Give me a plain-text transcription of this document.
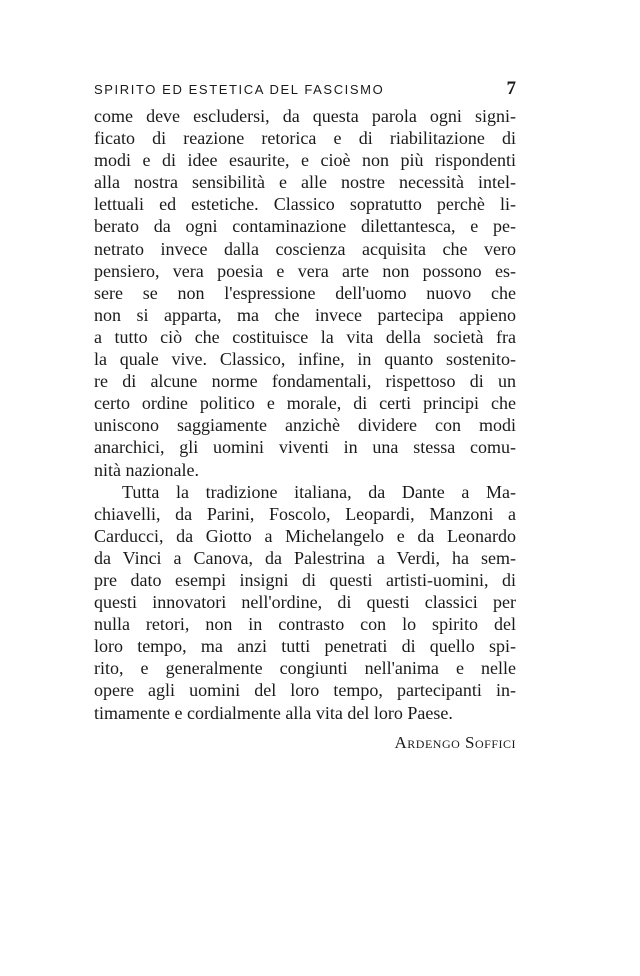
SPIRITO ED ESTETICA DEL FASCISMO	7
come deve escludersi, da questa parola ogni signi-
ficato di reazione retorica e di riabilitazione di
modi e di idee esaurite, e cioè non più rispondenti
alla nostra sensibilità e alle nostre necessità intel-
lettuali ed estetiche. Classico sopratutto perchè li-
berato da ogni contaminazione dilettantesca, e pe-
netrato invece dalla coscienza acquisita che vero
pensiero, vera poesia e vera arte non possono es-
sere se non l'espressione dell'uomo nuovo che
non si apparta, ma che invece partecipa appieno
a tutto ciò che costituisce la vita della società fra
la quale vive. Classico, infine, in quanto sostenito-
re di alcune norme fondamentali, rispettoso di un
certo ordine politico e morale, di certi principi che
uniscono saggiamente anzichè dividere con modi
anarchici, gli uomini viventi in una stessa comu-
nità nazionale.
Tutta la tradizione italiana, da Dante a Ma-
chiavelli, da Parini, Foscolo, Leopardi, Manzoni a
Carducci, da Giotto a Michelangelo e da Leonardo
da Vinci a Canova, da Palestrina a Verdi, ha sem-
pre dato esempi insigni di questi artisti-uomini, di
questi innovatori nell'ordine, di questi classici per
nulla retori, non in contrasto con lo spirito del
loro tempo, ma anzi tutti penetrati di quello spi-
rito, e generalmente congiunti nell'anima e nelle
opere agli uomini del loro tempo, partecipanti in-
timamente e cordialmente alla vita del loro Paese.
Ardengo Soffici
